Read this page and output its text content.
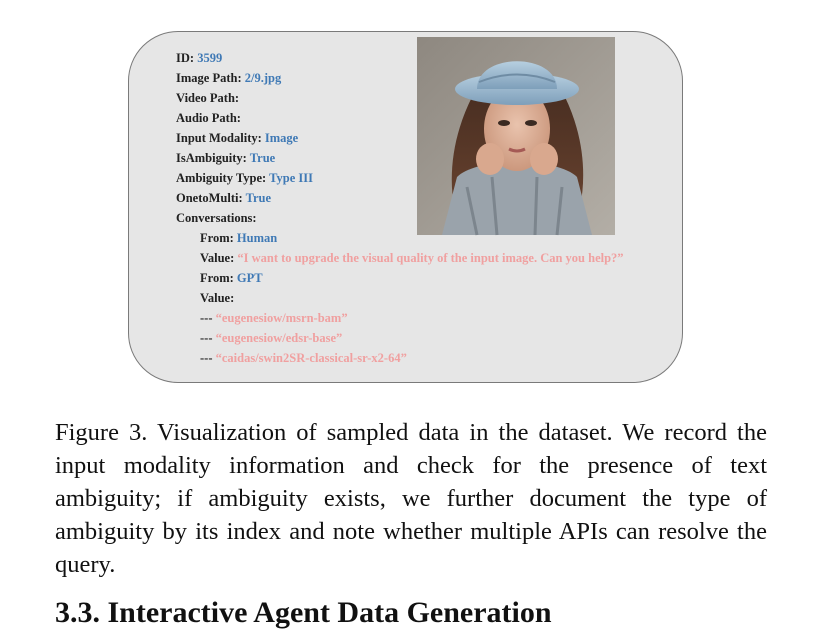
ID: 3599
Image Path: 2/9.jpg
Video Path:
Audio Path:
Input Modality: Image
IsAmbiguity: True
Ambiguity Type: Type III
OnetoMulti: True
Conversations:
From: Human
Value: “I want to upgrade the visual quality of the input image. Can you help?”
From: GPT
Value:
--- “eugenesiow/msrn-bam”
--- “eugenesiow/edsr-base”
--- “caidas/swin2SR-classical-sr-x2-64”

Figure 3. Visualization of sampled data in the dataset. We record the input modality information and check for the presence of text ambiguity; if ambiguity exists, we further document the type of ambiguity by its index and note whether multiple APIs can resolve the query.

3.3. Interactive Agent Data Generation
